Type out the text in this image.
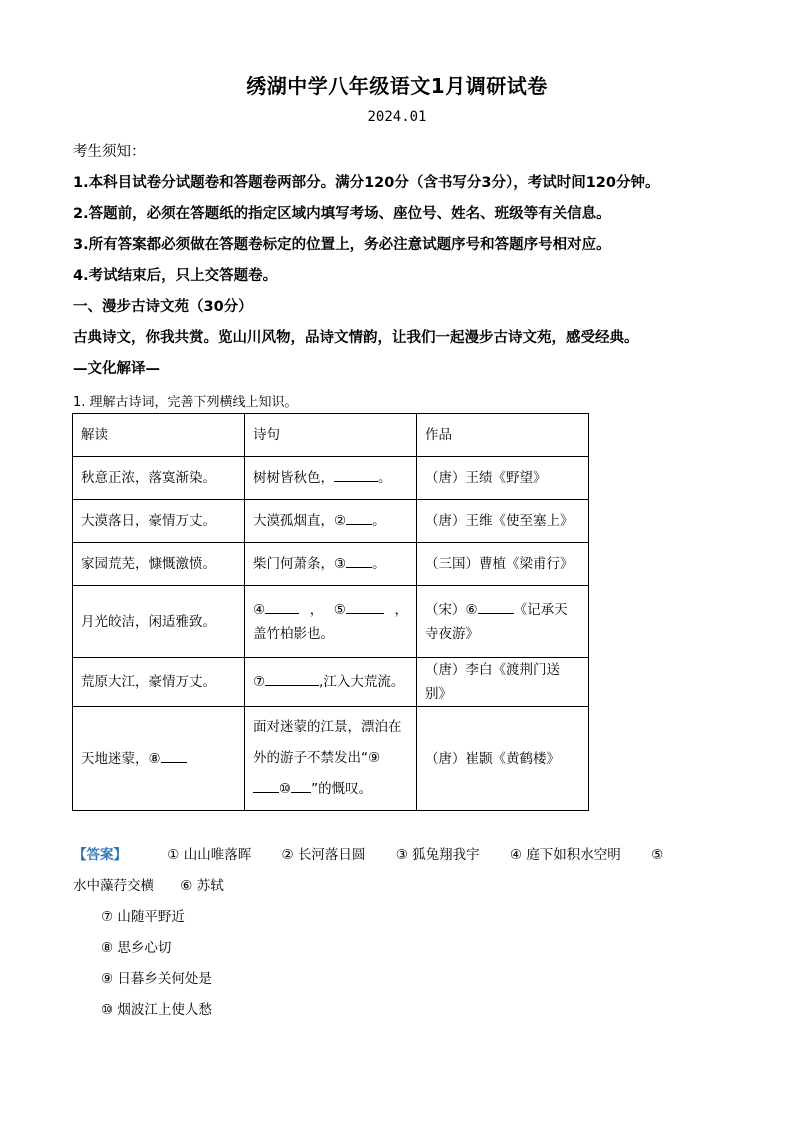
绣湖中学八年级语文1月调研试卷
2024.01
考生须知：
1.本科目试卷分试题卷和答题卷两部分。满分120分（含书写分3分），考试时间120分钟。
2.答题前，必须在答题纸的指定区域内填写考场、座位号、姓名、班级等有关信息。
3.所有答案都必须做在答题卷标定的位置上，务必注意试题序号和答题序号相对应。
4.考试结束后，只上交答题卷。
一、漫步古诗文苑（30分）
古典诗文，你我共赏。览山川风物，品诗文情韵，让我们一起漫步古诗文苑，感受经典。
—文化解译—
1. 理解古诗词，完善下列横线上知识。
解读	诗句	作品
秋意正浓，落寞渐染。	树树皆秋色， 。	（唐）王绩《野望》
大漠落日，豪情万丈。	大漠孤烟直，② 。	（唐）王维《使至塞上》
家园荒芜，慷慨激愤。	柴门何萧条，③ 。	（三国）曹植《梁甫行》
月光皎洁，闲适雅致。	④ ， ⑤ ，
盖竹柏影也。	（宋）⑥ 《记承天寺夜游》
荒原大江，豪情万丈。	⑦ ,江入大荒流。	（唐）李白《渡荆门送别》
天地迷蒙，⑧	面对迷蒙的江景，漂泊在
外的游子不禁发出“⑨
⑩ ”的慨叹。	（唐）崔颢《黄鹤楼》
【答案】	① 山山唯落晖 ② 长河落日圆 ③ 狐兔翔我宇 ④ 庭下如积水空明 ⑤
水中藻荇交横 ⑥ 苏轼
⑦ 山随平野近
⑧ 思乡心切
⑨ 日暮乡关何处是
⑩ 烟波江上使人愁
